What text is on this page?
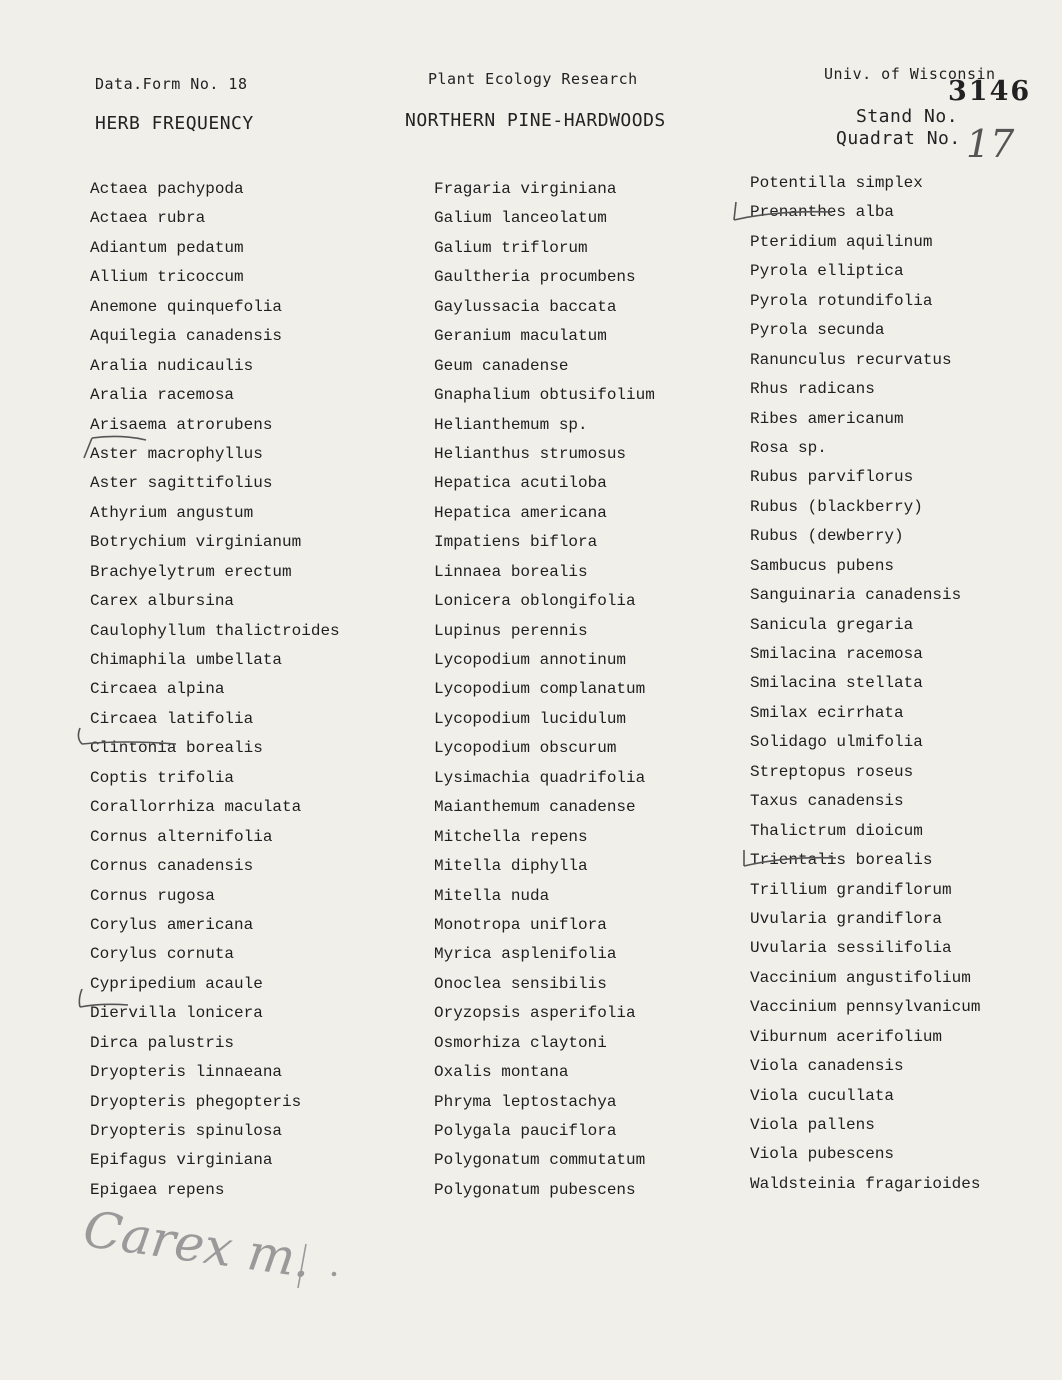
Data.Form No. 18
HERB FREQUENCY
Plant Ecology Research
NORTHERN PINE-HARDWOODS
Univ. of Wisconsin
Stand No.
Quadrat No.
3146
17
Actaea pachypoda
Actaea rubra
Adiantum pedatum
Allium tricoccum
Anemone quinquefolia
Aquilegia canadensis
Aralia nudicaulis
Aralia racemosa
Arisaema atrorubens
Aster macrophyllus
Aster sagittifolius
Athyrium angustum
Botrychium virginianum
Brachyelytrum erectum
Carex albursina
Caulophyllum thalictroides
Chimaphila umbellata
Circaea alpina
Circaea latifolia
Clintonia borealis
Coptis trifolia
Corallorrhiza maculata
Cornus alternifolia
Cornus canadensis
Cornus rugosa
Corylus americana
Corylus cornuta
Cypripedium acaule
Diervilla lonicera
Dirca palustris
Dryopteris linnaeana
Dryopteris phegopteris
Dryopteris spinulosa
Epifagus virginiana
Epigaea repens
Fragaria virginiana
Galium lanceolatum
Galium triflorum
Gaultheria procumbens
Gaylussacia baccata
Geranium maculatum
Geum canadense
Gnaphalium obtusifolium
Helianthemum sp.
Helianthus strumosus
Hepatica acutiloba
Hepatica americana
Impatiens biflora
Linnaea borealis
Lonicera oblongifolia
Lupinus perennis
Lycopodium annotinum
Lycopodium complanatum
Lycopodium lucidulum
Lycopodium obscurum
Lysimachia quadrifolia
Maianthemum canadense
Mitchella repens
Mitella diphylla
Mitella nuda
Monotropa uniflora
Myrica asplenifolia
Onoclea sensibilis
Oryzopsis asperifolia
Osmorhiza claytoni
Oxalis montana
Phryma leptostachya
Polygala pauciflora
Polygonatum commutatum
Polygonatum pubescens
Potentilla simplex
Prenanthes alba
Pteridium aquilinum
Pyrola elliptica
Pyrola rotundifolia
Pyrola secunda
Ranunculus recurvatus
Rhus radicans
Ribes americanum
Rosa sp.
Rubus parviflorus
Rubus (blackberry)
Rubus (dewberry)
Sambucus pubens
Sanguinaria canadensis
Sanicula gregaria
Smilacina racemosa
Smilacina stellata
Smilax ecirrhata
Solidago ulmifolia
Streptopus roseus
Taxus canadensis
Thalictrum dioicum
Trientalis borealis
Trillium grandiflorum
Uvularia grandiflora
Uvularia sessilifolia
Vaccinium angustifolium
Vaccinium pennsylvanicum
Viburnum acerifolium
Viola canadensis
Viola cucullata
Viola pallens
Viola pubescens
Waldsteinia fragarioides
Carex m.
